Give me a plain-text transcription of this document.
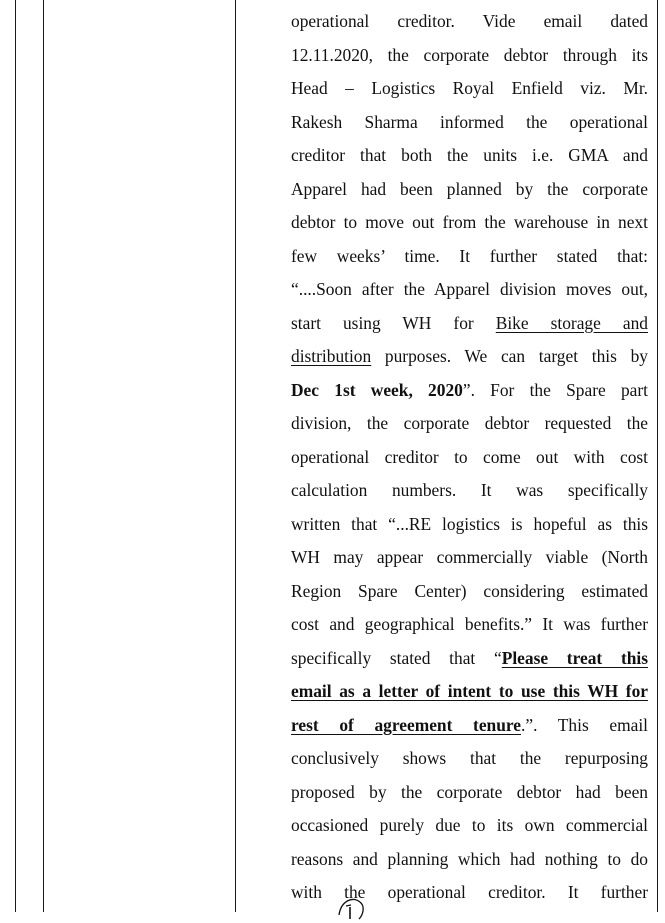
operational creditor. Vide email dated
12.11.2020, the corporate debtor through its
Head – Logistics Royal Enfield viz. Mr.
Rakesh Sharma informed the operational
creditor that both the units i.e. GMA and
Apparel had been planned by the corporate
debtor to move out from the warehouse in next
few weeks’ time. It further stated that:
“....Soon after the Apparel division moves out,
start using WH for Bike storage and
distribution purposes. We can target this by
Dec 1st week, 2020”. For the Spare part
division, the corporate debtor requested the
operational creditor to come out with cost
calculation numbers. It was specifically
written that “...RE logistics is hopeful as this
WH may appear commercially viable (North
Region Spare Center) considering estimated
cost and geographical benefits.” It was further
specifically stated that “Please treat this
email as a letter of intent to use this WH for
rest of agreement tenure.”. This email
conclusively shows that the repurposing
proposed by the corporate debtor had been
occasioned purely due to its own commercial
reasons and planning which had nothing to do
with the operational creditor. It further
